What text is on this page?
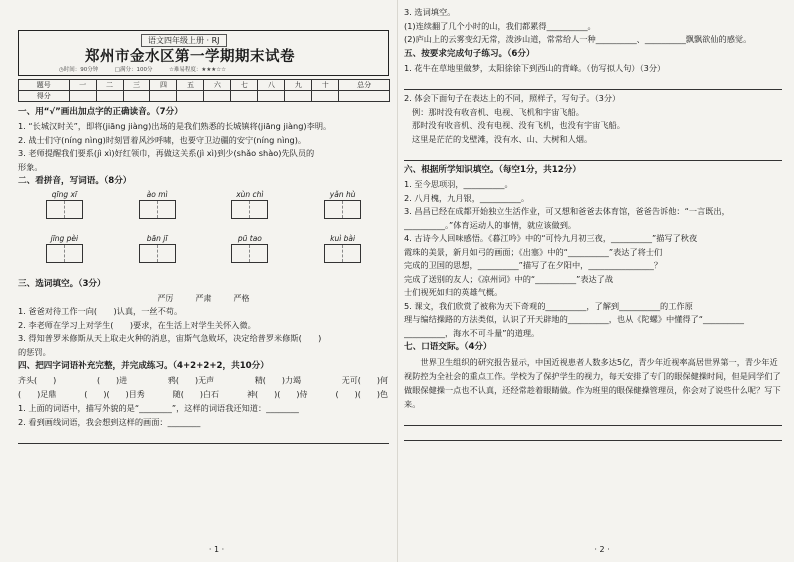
语文四年级上册 · RJ
郑州市金水区第一学期期末试卷
◷时间：90分钟　　　□满分：100分　　　☆难易程度：★★★☆☆
题号	一	二	三	四	五	六	七	八	九	十	总分
得分											
一、用“√”画出加点字的正确读音。（7分）
1. “长城汉时关”，即将(jiāng jiàng)出场的是我们熟悉的长城镇将(jiāng jiàng)李明。
2. 战士们守(níng nìng)时刻冒着风沙呼啸，也要守卫边疆的安宁(níng nìng)。
3. 老师提醒我们要系(jì xì)好红领巾，再做这关系(jì xì)到少(shǎo shào)先队员的
形象。
二、看拼音，写词语。（8分）
qīng xī	ào mì	xùn chì	yǎn hù
jīng pèi	bān jī	pū tao	kuì bài
三、选词填空。（3分）
严厉	严肃	严格
1. 爸爸对待工作一向(　　)认真，一丝不苟。
2. 李老师在学习上对学生(　　)要求，在生活上对学生关怀入微。
3. 得知普罗米修斯从天上取走火种的消息，宙斯气急败坏，决定给普罗米修斯(　　)
的惩罚。
四、把四字词语补充完整，并完成练习。（4+2+2+2，共10分）
齐头(　　)	(　　)进	鸦(　　)无声	精(　　)力竭	无可(　　)何
(　　)足鼎	(　　)(　　)目秀	随(　　)白石	神(　　)(　　)侍	(　　)(　　)色
1. 上面的词语中，描写外貌的是“________”，这样的词语我还知道：________
2. 看到画线词语，我会想到这样的画面：________
· 1 ·
3. 选词填空。
(1)连续翻了几个小时的山，我们都累得__________。
(2)庐山上的云雾变幻无常，泼涉山道，常常给人一种__________、__________飘飘欲仙的感觉。
五、按要求完成句子练习。（6分）
1. 花牛在草地里做梦，太阳徐徐下到西山的背峰。（仿写拟人句）（3分）
2. 体会下面句子在表达上的不同，照样子，写句子。（3分）
例：那时没有收音机、电视、飞机和宇宙飞船。
那时没有收音机、没有电视、没有飞机，也没有宇宙飞船。
这里是茫茫的戈壁滩，没有水、山、大树和人烟。
六、根据所学知识填空。（每空1分，共12分）
1. 至今思项羽，__________。
2. 八月槐，九月银，__________。
3. 昌昌已经在成都开始独立生活作业，可又想和爸爸去体育馆，爸爸告诉他：“一言既出，
__________。”体育运动人的事情，就应该做到。
4. 古诗今人回味感悟。《暮江吟》中的“可怜九月初三夜，__________”描写了秋夜
霞珠的美景，新月如弓的画面；《出塞》中的“__________”表达了将士们
完成的卫国的思想，__________”描写了在夕阳中，________________？
完成了送别的友人；《凉州词》中的“__________”表达了战
士们视死如归的英雄气概。
5. 课文，我们欣赏了被称为天下奇观的__________，了解到__________的工作原
理与编结操路的方法类似，认识了开天辟地的__________，也从《陀螺》中懂得了“__________
__________，海水不可斗量”的道理。
七、口语交际。（4分）
世界卫生组织的研究报告显示，中国近视患者人数多达5亿，青少年近视率高居世界第一，青少年近视防控为全社会的重点工作。学校为了保护学生的视力，每天安排了专门的眼保健操时间，但是同学们了做眼保健操一点也不认真，还经常趁着眼睛做。作为班里的眼保健操管理员，你会对了说些什么呢？写下来。
· 2 ·
